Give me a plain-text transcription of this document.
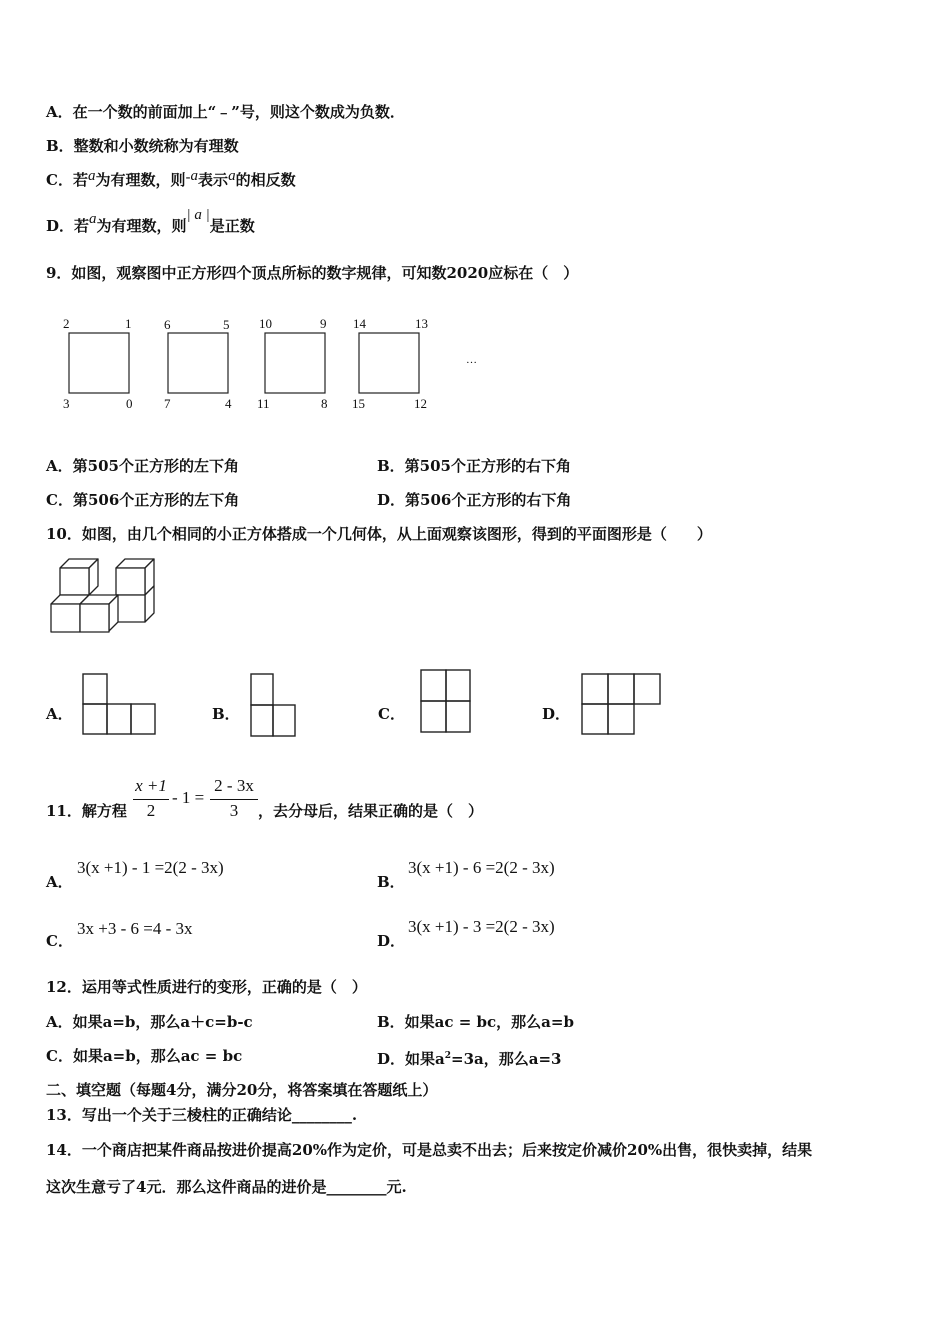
A．在一个数的前面加上“﹣”号，则这个数成为负数．
B．整数和小数统称为有理数
C．若a为有理数，则-a表示a的相反数
D．若a为有理数，则| a |是正数
9．如图，观察图中正方形四个顶点所标的数字规律，可知数2020应标在（　）
2	1
3	0
6	5
7	4
10	9
11	8
14	13
15	12
…
A．第505个正方形的左下角	B．第505个正方形的右下角
C．第506个正方形的左下角	D．第506个正方形的右下角
10．如图，由几个相同的小正方体搭成一个几何体，从上面观察该图形，得到的平面图形是（　　）
A．	B．	C．	D．
11．解方程
x +1
2
- 1 =
2 - 3x
3	，去分母后，结果正确的是（　）
A．
3(x +1) - 1 =2(2 - 3x)
B．
3(x +1) - 6 =2(2 - 3x)
C．
3x +3 - 6 =4 - 3x
D．
3(x +1) - 3 =2(2 - 3x)
12．运用等式性质进行的变形，正确的是（　）
A．如果a=b，那么a＋c=b-c	B．如果ac = bc，那么a=b
C．如果a=b，那么ac = bc	D．如果$a^2=3a$，那么a=3
二、填空题（每题4分，满分20分，将答案填在答题纸上）
13．写出一个关于三棱柱的正确结论________.
14．一个商店把某件商品按进价提高20%作为定价，可是总卖不出去；后来按定价减价20%出售，很快卖掉，结果
这次生意亏了4元．那么这件商品的进价是________元.
